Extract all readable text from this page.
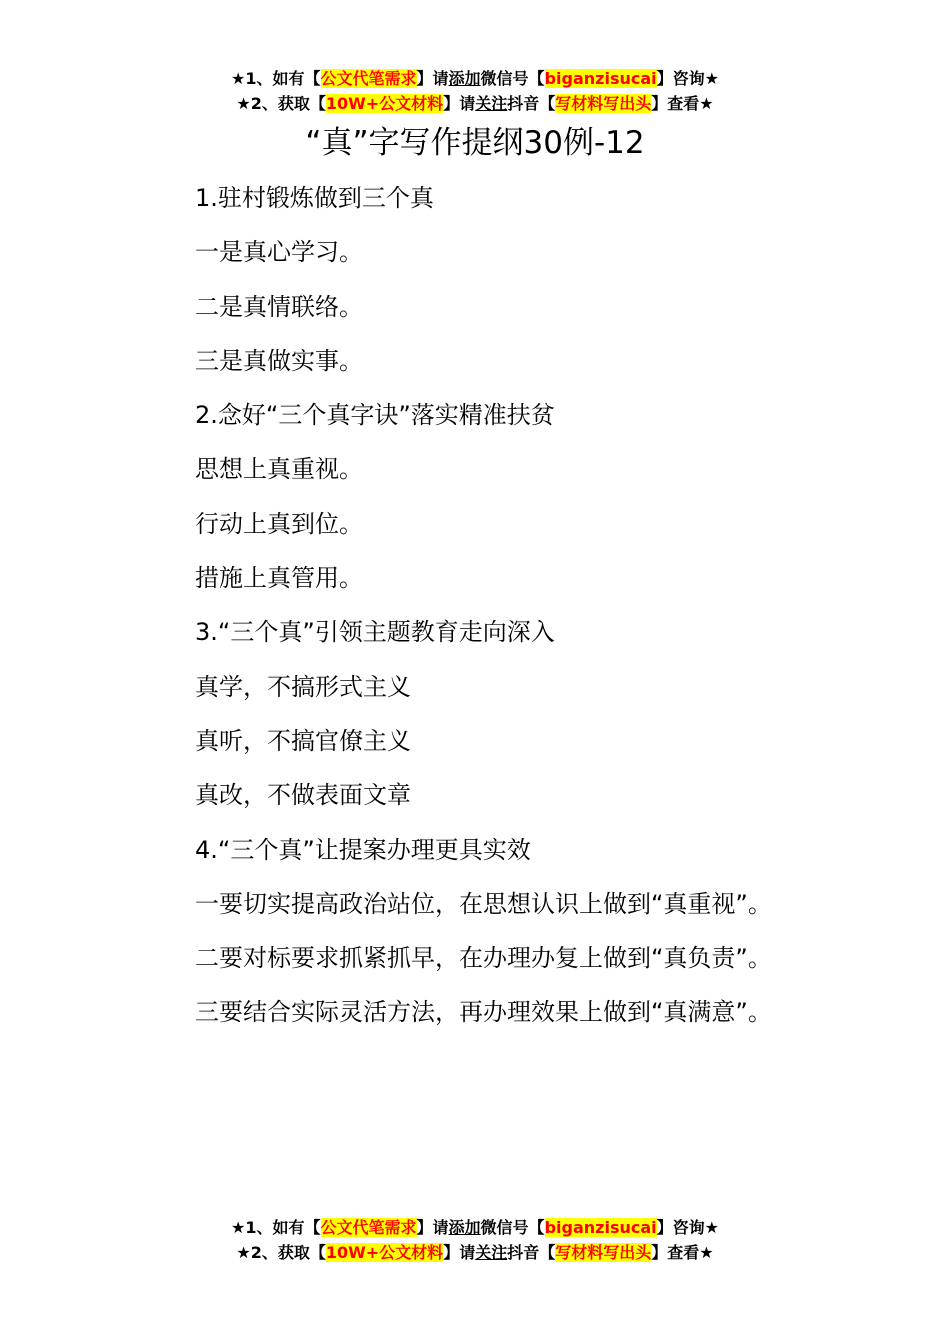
★1、如有【公文代笔需求】请添加微信号【biganzisucai】咨询★
★2、获取【10W+公文材料】请关注抖音【写材料写出头】查看★
“真”字写作提纲30例-12

1.驻村锻炼做到三个真

一是真心学习。

二是真情联络。

三是真做实事。

2.念好“三个真字诀”落实精准扶贫

思想上真重视。

行动上真到位。

措施上真管用。

3.“三个真”引领主题教育走向深入

真学，不搞形式主义

真听，不搞官僚主义

真改，不做表面文章

4.“三个真”让提案办理更具实效

一要切实提高政治站位，在思想认识上做到“真重视”。

二要对标要求抓紧抓早，在办理办复上做到“真负责”。

三要结合实际灵活方法，再办理效果上做到“真满意”。

★1、如有【公文代笔需求】请添加微信号【biganzisucai】咨询★
★2、获取【10W+公文材料】请关注抖音【写材料写出头】查看★
